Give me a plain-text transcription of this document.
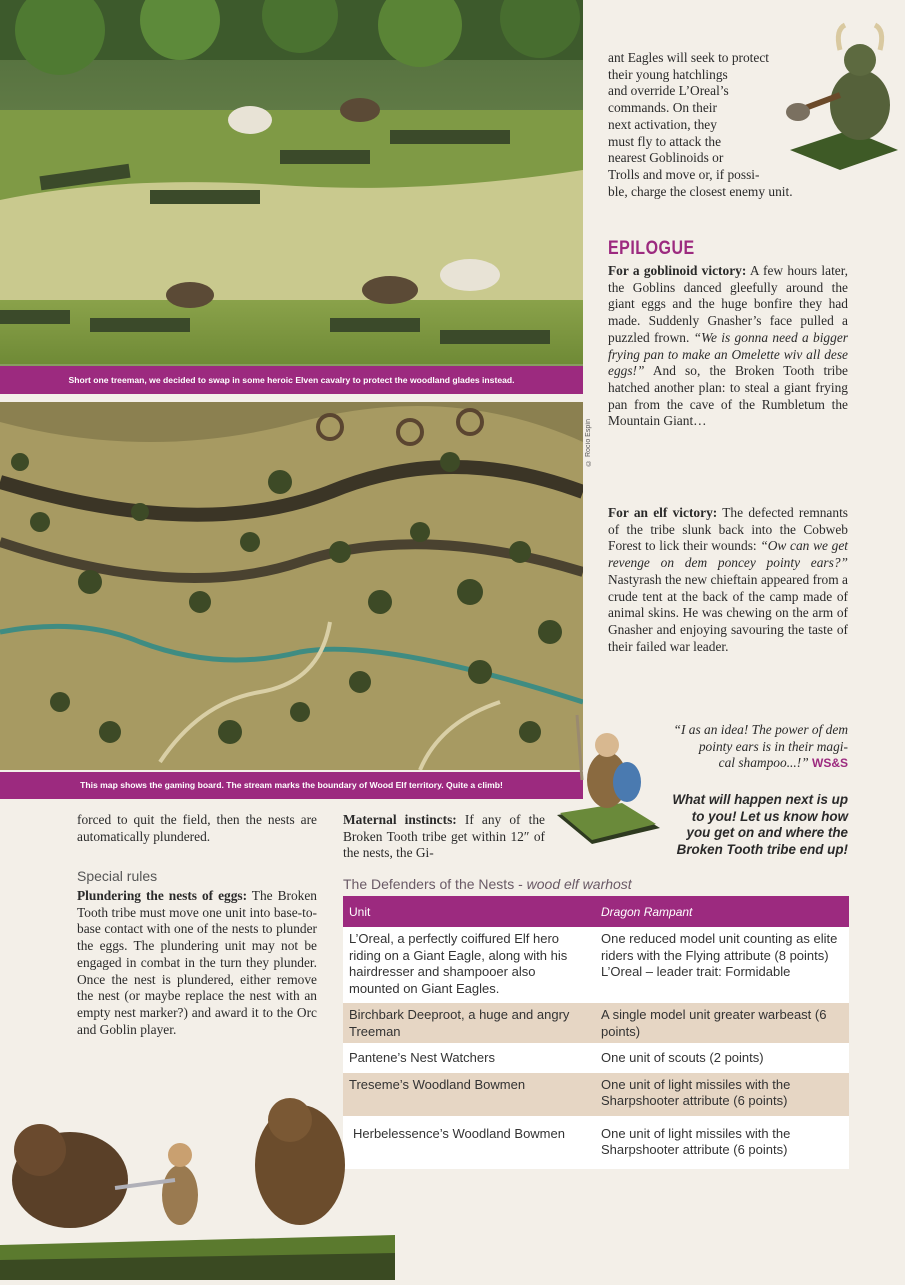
Short one treeman, we decided to swap in some heroic Elven cavalry to protect the woodland glades instead.
© Rocío Espín
This map shows the gaming board. The stream marks the boundary of Wood Elf territory. Quite a climb!
ant Eagles will seek to protect
their young hatchlings
and override L’Oreal’s
commands. On their
next activation, they
must fly to attack the
nearest Goblinoids or
Trolls and move or, if possi-
ble, charge the closest enemy unit.
EPILOGUE
For a goblinoid victory: A few hours later, the Goblins danced gleefully around the giant eggs and the huge bonfire they had made. Suddenly Gnasher’s face pulled a puzzled frown. “We is gonna need a bigger frying pan to make an Omelette wiv all dese eggs!” And so, the Broken Tooth tribe hatched another plan: to steal a giant frying pan from the cave of the Rumbletum the Mountain Giant…
For an elf victory: The defected remnants of the tribe slunk back into the Cobweb Forest to lick their wounds: “Ow can we get revenge on dem poncey pointy ears?” Nastyrash the new chieftain appeared from a crude tent at the back of the camp made of animal skins. He was chewing on the arm of Gnasher and enjoying savouring the taste of their failed war leader.
“I as an idea! The power of dem
pointy ears is in their magi-
cal shampoo...!” WS&S
What will happen next is up
to you! Let us know how
you get on and where the
Broken Tooth tribe end up!
forced to quit the field, then the nests are automatically plundered.
Special rules
Plundering the nests of eggs: The Broken Tooth tribe must move one unit into base-to-base contact with one of the nests to plunder the eggs. The plundering unit may not be engaged in combat in the turn they plunder. Once the nest is plundered, either remove the nest (or maybe replace the nest with an empty nest marker?) and award it to the Orc and Goblin player.
Maternal instincts: If any of the Broken Tooth tribe get within 12″ of the nests, the Gi-
The Defenders of the Nests - wood elf warhost
Unit	Dragon Rampant
L’Oreal, a perfectly coiffured Elf hero riding on a Giant Eagle, along with his hairdresser and shampooer also mounted on Giant Eagles.	One reduced model unit counting as elite riders with the Flying attribute (8 points)
L’Oreal – leader trait: Formidable

Birchbark Deeproot, a huge and angry Treeman	A single model unit greater warbeast (6 points)
Pantene’s Nest Watchers	One unit of scouts (2 points)
Treseme’s Woodland Bowmen	One unit of light missiles with the Sharpshooter attribute (6 points)
Herbelessence’s Woodland Bowmen	One unit of light missiles with the Sharpshooter attribute (6 points)
